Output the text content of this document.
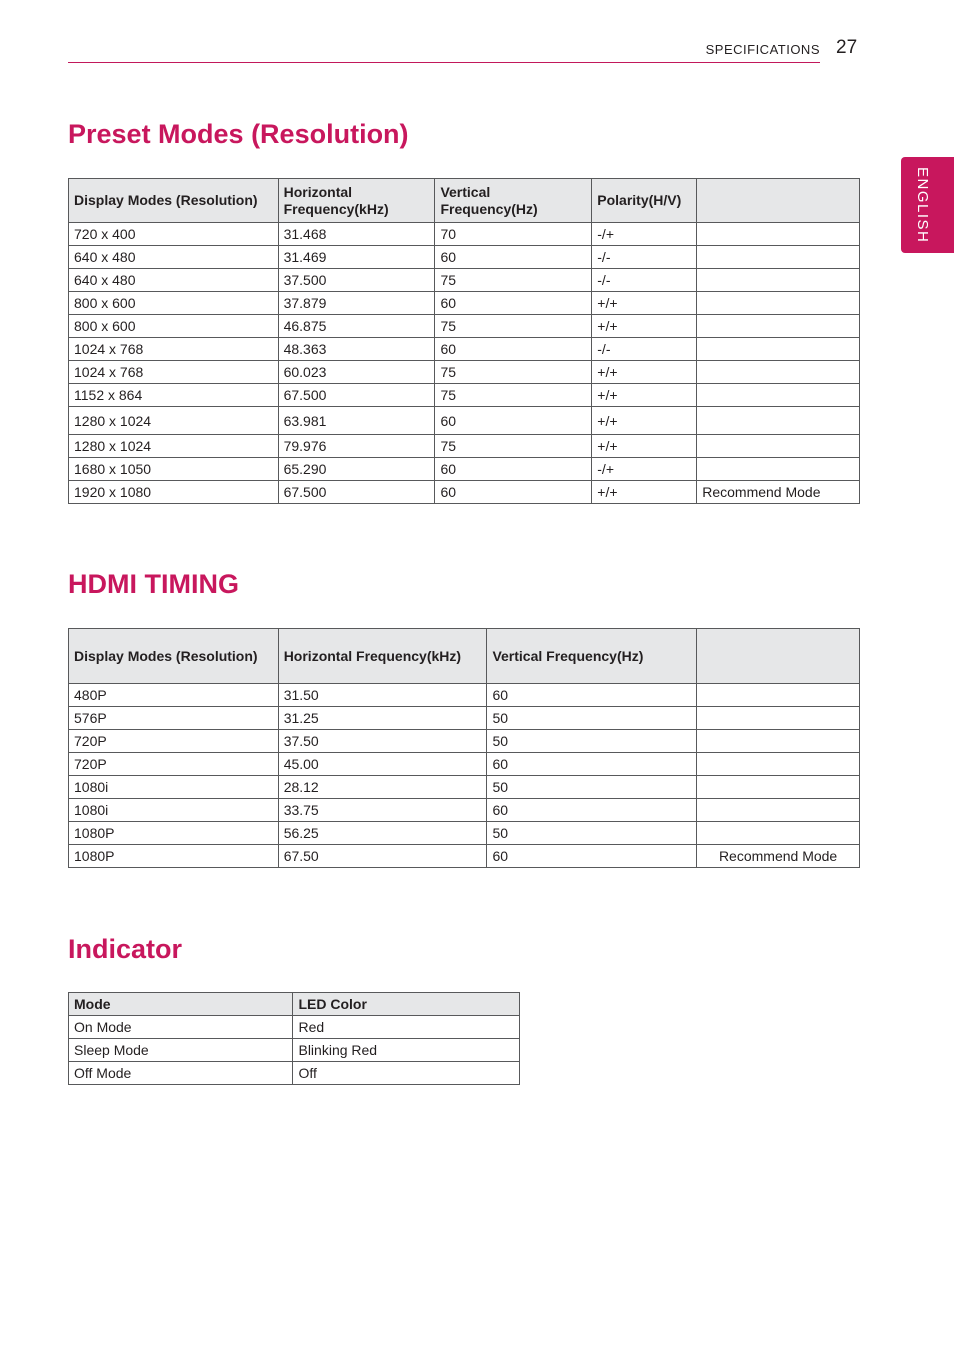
SPECIFICATIONS 27
ENGLISH
Preset Modes (Resolution)
Display Modes (Resolution)	Horizontal Frequency(kHz)	Vertical Frequency(Hz)	Polarity(H/V)	
720 x 400	31.468	70	-/+	
640 x 480	31.469	60	-/-	
640 x 480	37.500	75	-/-	
800 x 600	37.879	60	+/+	
800 x 600	46.875	75	+/+	
1024 x 768	48.363	60	-/-	
1024 x 768	60.023	75	+/+	
1152 x 864	67.500	75	+/+	
1280 x 1024	63.981	60	+/+	
1280 x 1024	79.976	75	+/+	
1680 x 1050	65.290	60	-/+	
1920 x 1080	67.500	60	+/+	Recommend Mode
HDMI TIMING
Display Modes (Resolution)	Horizontal Frequency(kHz)	Vertical Frequency(Hz)	
480P	31.50	60	
576P	31.25	50	
720P	37.50	50	
720P	45.00	60	
1080i	28.12	50	
1080i	33.75	60	
1080P	56.25	50	
1080P	67.50	60	Recommend Mode
Indicator
Mode	LED Color
On Mode	Red
Sleep Mode	Blinking Red
Off Mode	Off
